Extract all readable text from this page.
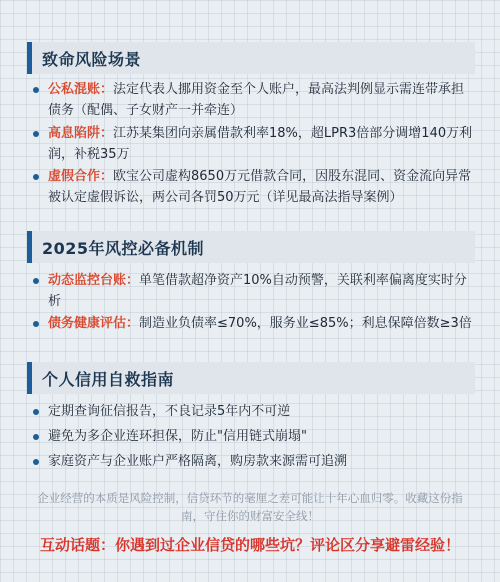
致命风险场景
公私混账：法定代表人挪用资金至个人账户，最高法判例显示需连带承担债务（配偶、子女财产一并牵连）
高息陷阱：江苏某集团向亲属借款利率18%，超LPR3倍部分调增140万利润，补税35万
虚假合作：欧宝公司虚构8650万元借款合同，因股东混同、资金流向异常被认定虚假诉讼，两公司各罚50万元（详见最高法指导案例）
2025年风控必备机制
动态监控台账：单笔借款超净资产10%自动预警，关联利率偏离度实时分析
债务健康评估：制造业负债率≤70%，服务业≤85%；利息保障倍数≥3倍
个人信用自救指南
定期查询征信报告，不良记录5年内不可逆
避免为多企业连环担保，防止"信用链式崩塌"
家庭资产与企业账户严格隔离，购房款来源需可追溯
企业经营的本质是风险控制，信贷环节的毫厘之差可能让十年心血归零。收藏这份指南，守住你的财富安全线！
互动话题：你遇到过企业信贷的哪些坑？评论区分享避雷经验！
